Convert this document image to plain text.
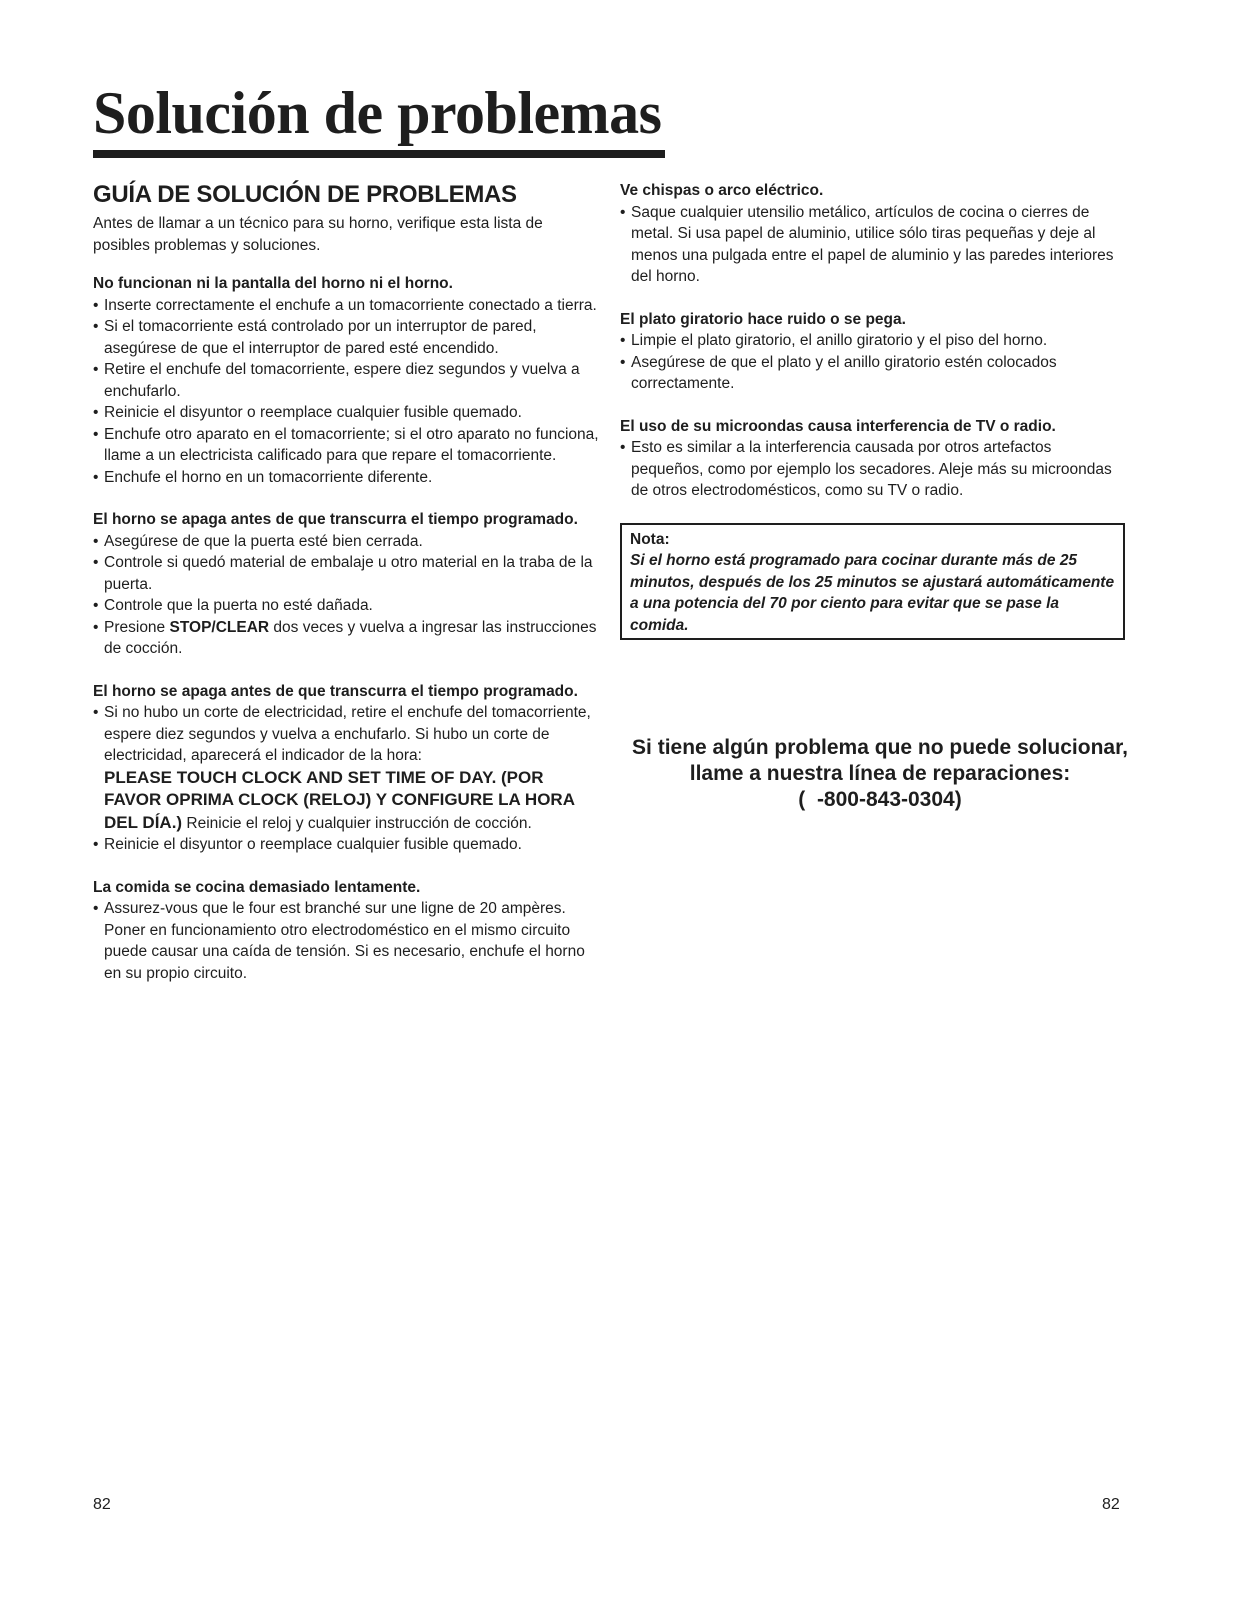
Solución de problemas
GUÍA DE SOLUCIÓN DE PROBLEMAS

Antes de llamar a un técnico para su horno, verifique esta lista de posibles problemas y soluciones.

No funcionan ni la pantalla del horno ni el horno.

• Inserte correctamente el enchufe a un tomacorriente conectado a tierra.
• Si el tomacorriente está controlado por un interruptor de pared, asegúrese de que el interruptor de pared esté encendido.
• Retire el enchufe del tomacorriente, espere diez segundos y vuelva a enchufarlo.
• Reinicie el disyuntor o reemplace cualquier fusible quemado.
• Enchufe otro aparato en el tomacorriente; si el otro aparato no funciona, llame a un electricista calificado para que repare el tomacorriente.
• Enchufe el horno en un tomacorriente diferente.

El horno se apaga antes de que transcurra el tiempo programado.

• Asegúrese de que la puerta esté bien cerrada.
• Controle si quedó material de embalaje u otro material en la traba de la puerta.
• Controle que la puerta no esté dañada.
• Presione STOP/CLEAR dos veces y vuelva a ingresar las instrucciones de cocción.

El horno se apaga antes de que transcurra el tiempo programado.

• Si no hubo un corte de electricidad, retire el enchufe del tomacorriente, espere diez segundos y vuelva a enchufarlo. Si hubo un corte de electricidad, aparecerá el indicador de la hora:
PLEASE TOUCH CLOCK AND SET TIME OF DAY. (POR FAVOR OPRIMA CLOCK (RELOJ) Y CONFIGURE LA HORA DEL DÍA.) Reinicie el reloj y cualquier instrucción de cocción.
• Reinicie el disyuntor o reemplace cualquier fusible quemado.

La comida se cocina demasiado lentamente.

• Assurez-vous que le four est branché sur une ligne de 20 ampères. Poner en funcionamiento otro electrodoméstico en el mismo circuito puede causar una caída de tensión. Si es necesario, enchufe el horno en su propio circuito.

Ve chispas o arco eléctrico.

• Saque cualquier utensilio metálico, artículos de cocina o cierres de metal. Si usa papel de aluminio, utilice sólo tiras pequeñas y deje al menos una pulgada entre el papel de aluminio y las paredes interiores del horno.

El plato giratorio hace ruido o se pega.

• Limpie el plato giratorio, el anillo giratorio y el piso del horno.
• Asegúrese de que el plato y el anillo giratorio estén colocados correctamente.

El uso de su microondas causa interferencia de TV o radio.

• Esto es similar a la interferencia causada por otros artefactos pequeños, como por ejemplo los secadores. Aleje más su microondas de otros electrodomésticos, como su TV o radio.

Nota:

Si el horno está programado para cocinar durante más de 25 minutos, después de los 25 minutos se ajustará automáticamente a una potencia del 70 por ciento para evitar que se pase la comida.

Si tiene algún problema que no puede solucionar, llame a nuestra línea de reparaciones:

(  -800-843-0304)

82	82
